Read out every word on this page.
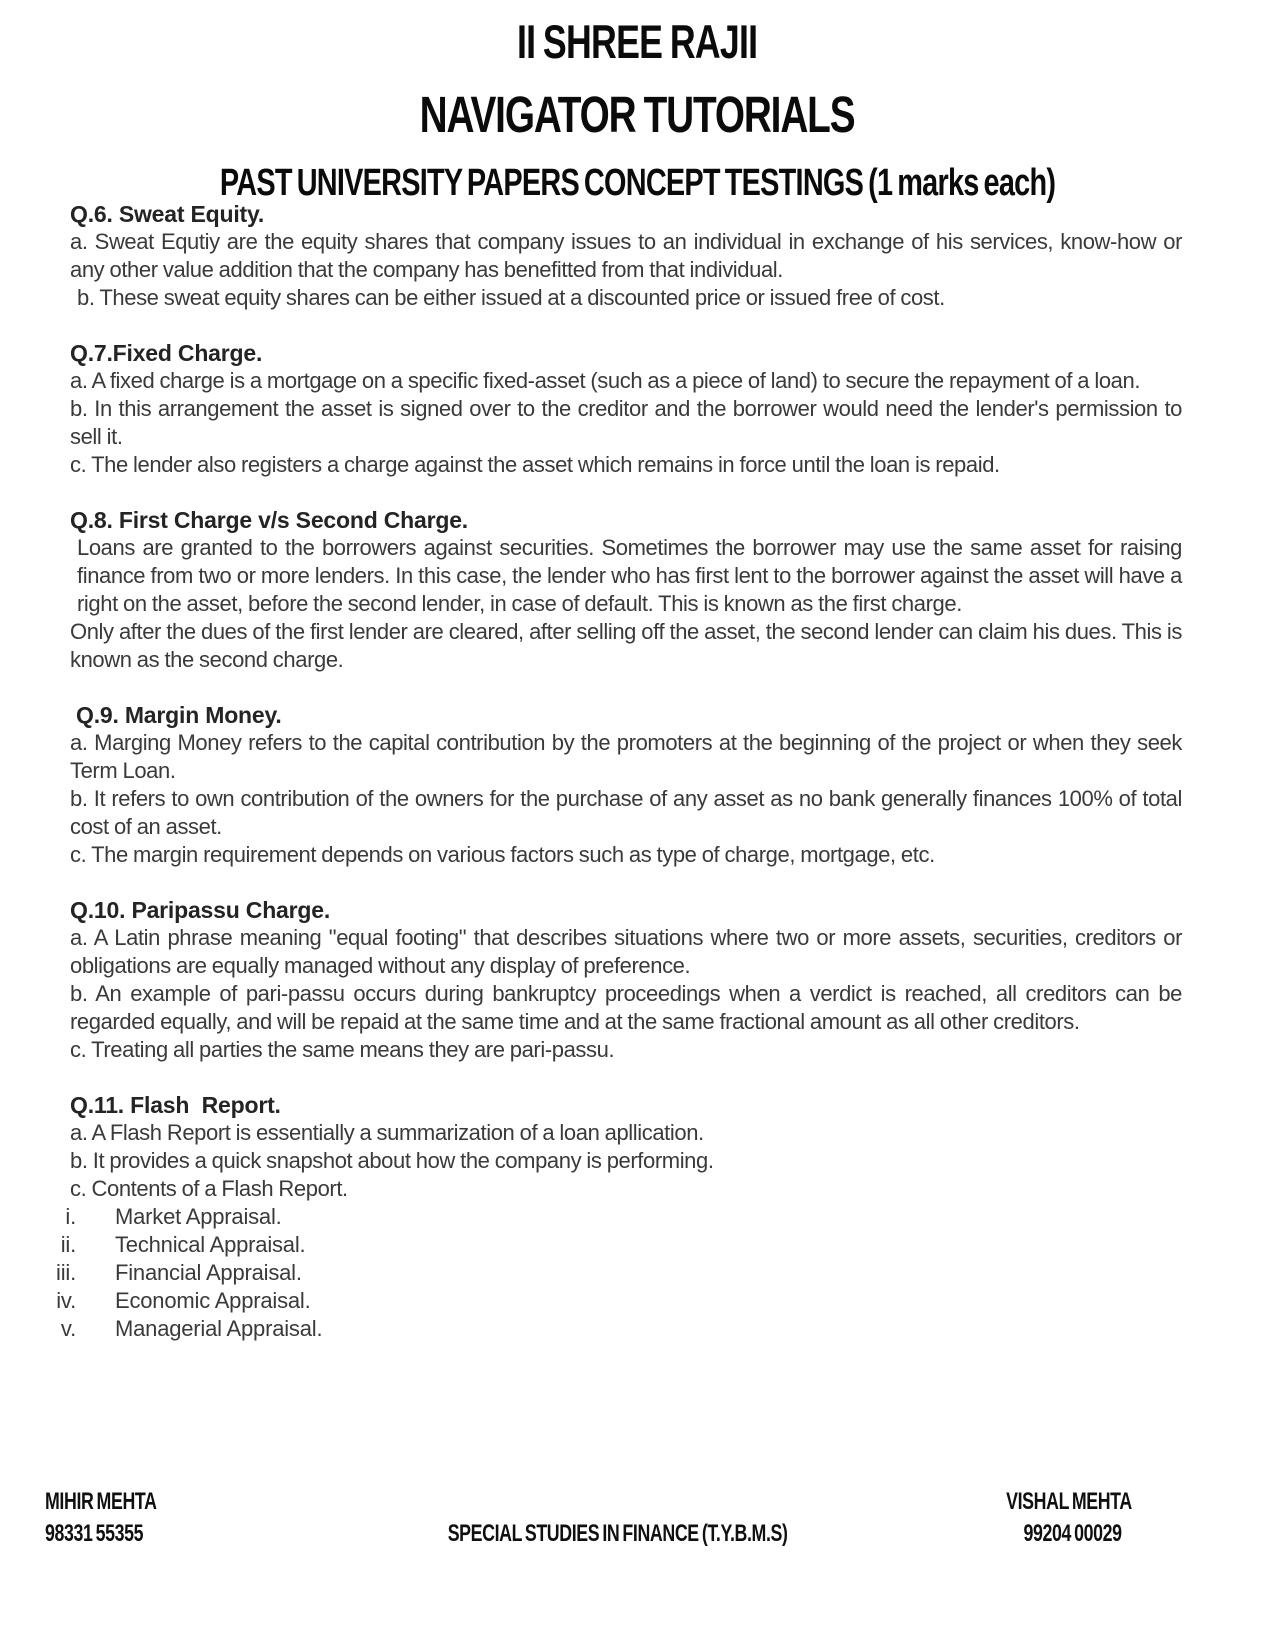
II SHREE RAJII
NAVIGATOR TUTORIALS
PAST UNIVERSITY PAPERS CONCEPT TESTINGS (1 marks each)
Q.6. Sweat Equity.

a. Sweat Equtiy are the equity shares that company issues to an individual in exchange of his services, know-how or any other value addition that the company has benefitted from that individual.

b. These sweat equity shares can be either issued at a discounted price or issued free of cost.

Q.7.Fixed Charge.

a. A fixed charge is a mortgage on a specific fixed-asset (such as a piece of land) to secure the repayment of a loan.

b. In this arrangement the asset is signed over to the creditor and the borrower would need the lender's permission to sell it.

c. The lender also registers a charge against the asset which remains in force until the loan is repaid.

Q.8. First Charge v/s Second Charge.

Loans are granted to the borrowers against securities. Sometimes the borrower may use the same asset for raising finance from two or more lenders. In this case, the lender who has first lent to the borrower against the asset will have a right on the asset, before the second lender, in case of default. This is known as the first charge.

Only after the dues of the first lender are cleared, after selling off the asset, the second lender can claim his dues. This is known as the second charge.

Q.9. Margin Money.

a. Marging Money refers to the capital contribution by the promoters at the beginning of the project or when they seek Term Loan.

b. It refers to own contribution of the owners for the purchase of any asset as no bank generally finances 100% of total cost of an asset.

c. The margin requirement depends on various factors such as type of charge, mortgage, etc.

Q.10. Paripassu Charge.

a. A Latin phrase meaning "equal footing" that describes situations where two or more assets, securities, creditors or obligations are equally managed without any display of preference.

b. An example of pari-passu occurs during bankruptcy proceedings when a verdict is reached, all creditors can be regarded equally, and will be repaid at the same time and at the same fractional amount as all other creditors.

c. Treating all parties the same means they are pari-passu.

Q.11. Flash  Report.

a. A Flash Report is essentially a summarization of a loan apllication.

b. It provides a quick snapshot about how the company is performing.

c. Contents of a Flash Report.

i. Market Appraisal.
ii. Technical Appraisal.
iii. Financial Appraisal.
iv. Economic Appraisal.
v. Managerial Appraisal.
MIHIR MEHTA	VISHAL MEHTA
98331 55355	SPECIAL STUDIES IN FINANCE (T.Y.B.M.S)	99204 00029
